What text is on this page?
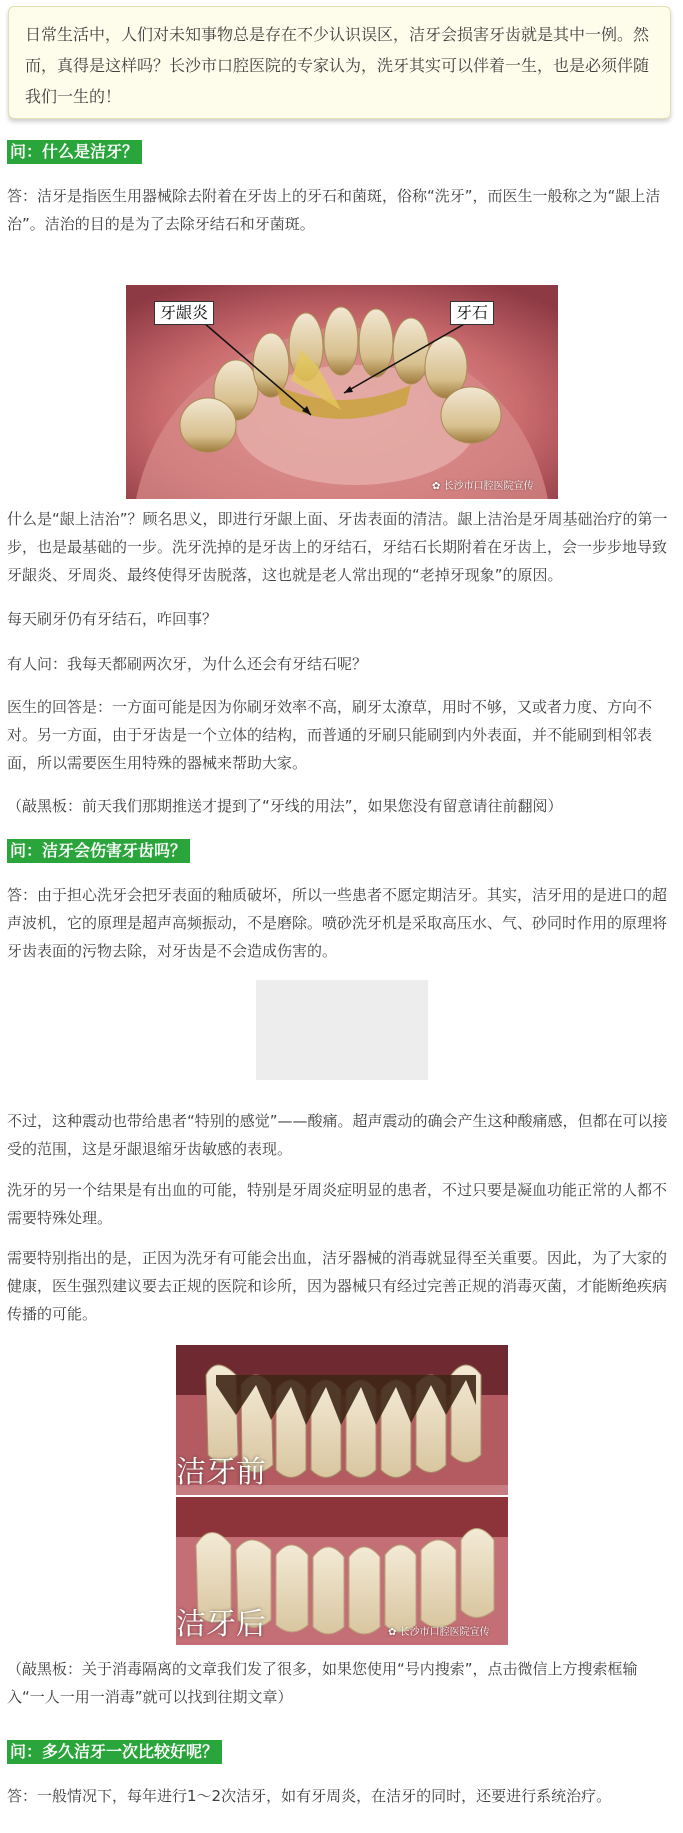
日常生活中，人们对未知事物总是存在不少认识误区，洁牙会损害牙齿就是其中一例。然而，真得是这样吗？长沙市口腔医院的专家认为，洗牙其实可以伴着一生，也是必须伴随我们一生的！
问：什么是洁牙？

答：洁牙是指医生用器械除去附着在牙齿上的牙石和菌斑，俗称“洗牙”，而医生一般称之为“龈上洁治”。洁治的目的是为了去除牙结石和牙菌斑。

牙龈炎	牙石
✿ 长沙市口腔医院宣传

什么是“龈上洁治”？顾名思义，即进行牙龈上面、牙齿表面的清洁。龈上洁治是牙周基础治疗的第一步，也是最基础的一步。洗牙洗掉的是牙齿上的牙结石，牙结石长期附着在牙齿上，会一步步地导致牙龈炎、牙周炎、最终使得牙齿脱落，这也就是老人常出现的“老掉牙现象”的原因。

每天刷牙仍有牙结石，咋回事？

有人问：我每天都刷两次牙，为什么还会有牙结石呢？

医生的回答是：一方面可能是因为你刷牙效率不高，刷牙太潦草，用时不够，又或者力度、方向不对。另一方面，由于牙齿是一个立体的结构，而普通的牙刷只能刷到内外表面，并不能刷到相邻表面，所以需要医生用特殊的器械来帮助大家。

（敲黑板：前天我们那期推送才提到了“牙线的用法”，如果您没有留意请往前翻阅）

问：洁牙会伤害牙齿吗？

答：由于担心洗牙会把牙表面的釉质破坏，所以一些患者不愿定期洁牙。其实，洁牙用的是进口的超声波机，它的原理是超声高频振动，不是磨除。喷砂洗牙机是采取高压水、气、砂同时作用的原理将牙齿表面的污物去除，对牙齿是不会造成伤害的。

不过，这种震动也带给患者“特别的感觉”——酸痛。超声震动的确会产生这种酸痛感，但都在可以接受的范围，这是牙龈退缩牙齿敏感的表现。

洗牙的另一个结果是有出血的可能，特别是牙周炎症明显的患者，不过只要是凝血功能正常的人都不需要特殊处理。

需要特别指出的是，正因为洗牙有可能会出血，洁牙器械的消毒就显得至关重要。因此，为了大家的健康，医生强烈建议要去正规的医院和诊所，因为器械只有经过完善正规的消毒灭菌，才能断绝疾病传播的可能。

洁牙前
洁牙后	✿ 长沙市口腔医院宣传

（敲黑板：关于消毒隔离的文章我们发了很多，如果您使用“号内搜索”，点击微信上方搜索框输入“一人一用一消毒”就可以找到往期文章）

问：多久洁牙一次比较好呢？

答：一般情况下，每年进行1～2次洁牙，如有牙周炎，在洁牙的同时，还要进行系统治疗。
